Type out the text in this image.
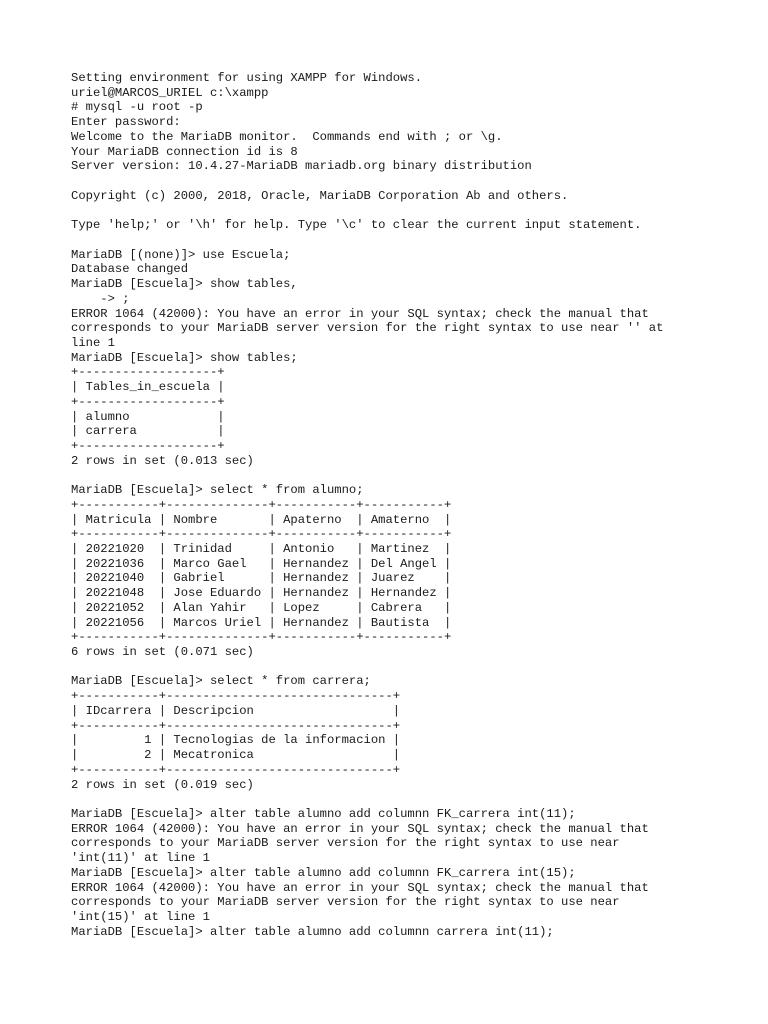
Setting environment for using XAMPP for Windows.
uriel@MARCOS_URIEL c:\xampp
# mysql -u root -p
Enter password:
Welcome to the MariaDB monitor.  Commands end with ; or \g.
Your MariaDB connection id is 8
Server version: 10.4.27-MariaDB mariadb.org binary distribution
Copyright (c) 2000, 2018, Oracle, MariaDB Corporation Ab and others.
Type 'help;' or '\h' for help. Type '\c' to clear the current input statement.
MariaDB [(none)]> use Escuela;
Database changed
MariaDB [Escuela]> show tables,
-> ;
ERROR 1064 (42000): You have an error in your SQL syntax; check the manual that
corresponds to your MariaDB server version for the right syntax to use near '' at
line 1
MariaDB [Escuela]> show tables;
+-------------------+
| Tables_in_escuela |
+-------------------+
| alumno            |
| carrera           |
+-------------------+
2 rows in set (0.013 sec)
MariaDB [Escuela]> select * from alumno;
+-----------+--------------+-----------+-----------+
| Matricula | Nombre       | Apaterno  | Amaterno  |
+-----------+--------------+-----------+-----------+
| 20221020  | Trinidad     | Antonio   | Martinez  |
| 20221036  | Marco Gael   | Hernandez | Del Angel |
| 20221040  | Gabriel      | Hernandez | Juarez    |
| 20221048  | Jose Eduardo | Hernandez | Hernandez |
| 20221052  | Alan Yahir   | Lopez     | Cabrera   |
| 20221056  | Marcos Uriel | Hernandez | Bautista  |
+-----------+--------------+-----------+-----------+
6 rows in set (0.071 sec)
MariaDB [Escuela]> select * from carrera;
+-----------+-------------------------------+
| IDcarrera | Descripcion                   |
+-----------+-------------------------------+
|         1 | Tecnologias de la informacion |
|         2 | Mecatronica                   |
+-----------+-------------------------------+
2 rows in set (0.019 sec)
MariaDB [Escuela]> alter table alumno add columnn FK_carrera int(11);
ERROR 1064 (42000): You have an error in your SQL syntax; check the manual that
corresponds to your MariaDB server version for the right syntax to use near
'int(11)' at line 1
MariaDB [Escuela]> alter table alumno add columnn FK_carrera int(15);
ERROR 1064 (42000): You have an error in your SQL syntax; check the manual that
corresponds to your MariaDB server version for the right syntax to use near
'int(15)' at line 1
MariaDB [Escuela]> alter table alumno add columnn carrera int(11);
